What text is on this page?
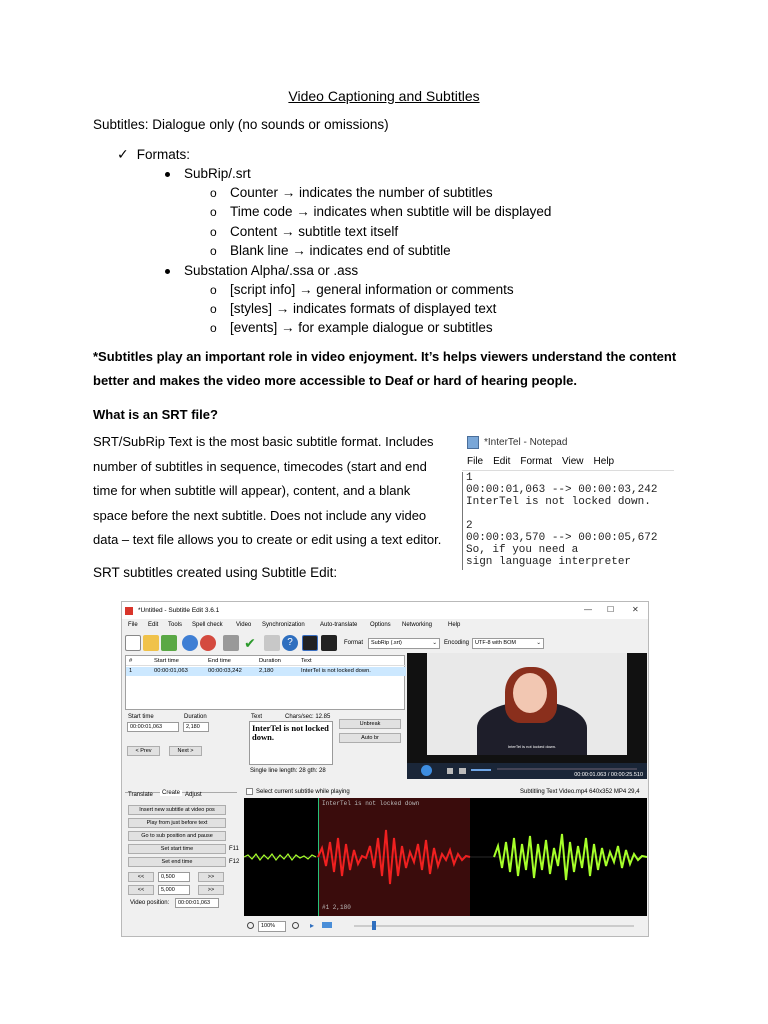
Video Captioning and Subtitles
Subtitles: Dialogue only (no sounds or omissions)
✓ Formats:
SubRip/.srt
o Counter → indicates the number of subtitles
o Time code → indicates when subtitle will be displayed
o Content → subtitle text itself
o Blank line → indicates end of subtitle
Substation Alpha/.ssa or .ass
o [script info] → general information or comments
o [styles] → indicates formats of displayed text
o [events] → for example dialogue or subtitles
*Subtitles play an important role in video enjoyment. It’s helps viewers understand the content
better and makes the video more accessible to Deaf or hard of hearing people.
What is an SRT file?
SRT/SubRip Text is the most basic subtitle format. Includes
number of subtitles in sequence, timecodes (start and end
time for when subtitle will appear), content, and a blank
space before the next subtitle. Does not include any video
data – text file allows you to create or edit using a text editor.
SRT subtitles created using Subtitle Edit:
*InterTel - Notepad
File Edit Format View Help
1
00:00:01,063 --> 00:00:03,242
InterTel is not locked down.
2
00:00:03,570 --> 00:00:05,672
So, if you need a
sign language interpreter
*Untitled - Subtitle Edit 3.6.1	— ☐ ✕
File Edit Tools Spell check Video Synchronization	Auto-translate Options Networking	Help
✔	?	Format	SubRip (.srt)	⌄ Encoding	UTF-8 with BOM	⌄
#	Start time	End time	Duration	Text
1	00:00:01,063	00:00:03,242	2,180	InterTel is not locked down.
Start time	Duration
00:00:01,063	2,180
< Prev	Next >
Text	Chars/sec: 12.85
InterTel is not locked down.
Single line length: 28 gth: 28
Unbreak
Auto br
InterTel is not locked down.
00:00:01.063 / 00:00:25.510
Translate	Create Adjust	Select current subtitle while playing	Subtitling Text Video.mp4 640x352 MP4 29,4
Insert new subtitle at video pos
Play from just before text
Go to sub position and pause
Set start time	F11
Set end time	F12
<<	0,500	>>
<<	5,000	>>
Video position:	00:00:01,063
InterTel is not locked down
#1 2,180
100%	▸
